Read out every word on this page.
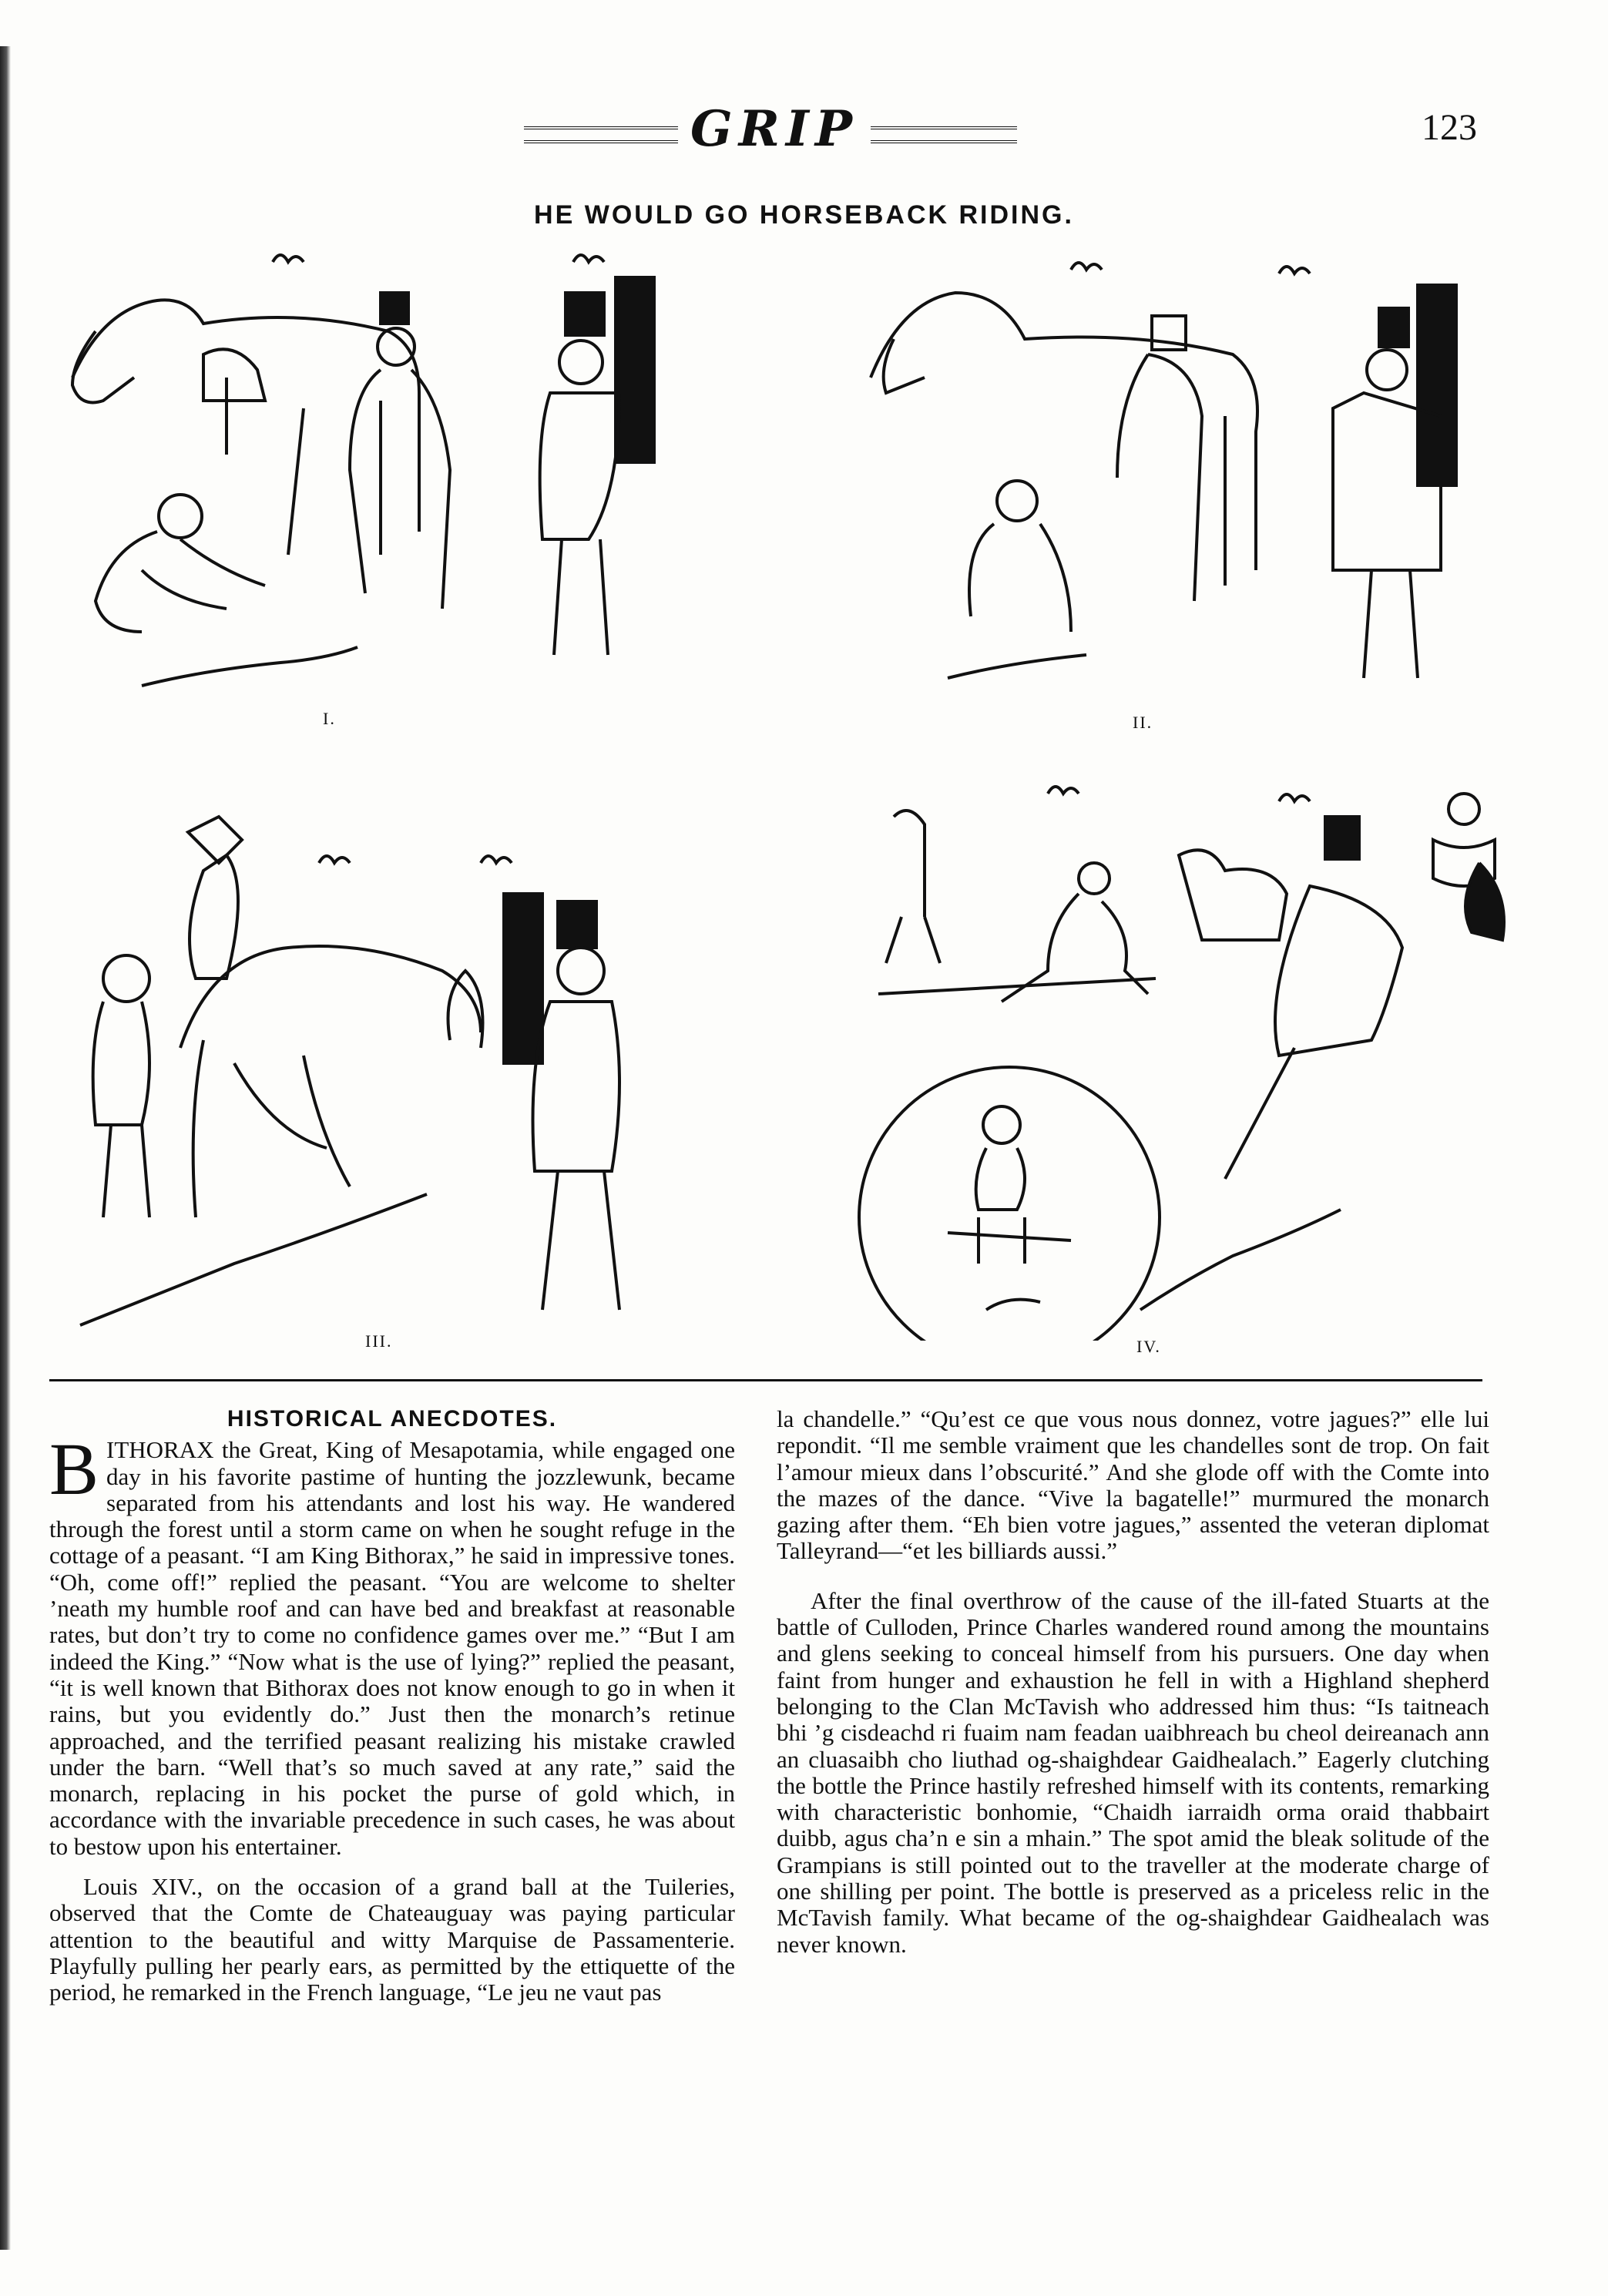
GRIP	123
HE WOULD GO HORSEBACK RIDING.
I.	II.
III.	IV.
HISTORICAL ANECDOTES.

BITHORAX the Great, King of Mesapotamia, while engaged one day in his favorite pastime of hunting the jozzlewunk, became separated from his attendants and lost his way. He wandered through the forest until a storm came on when he sought refuge in the cottage of a peasant. “I am King Bithorax,” he said in impressive tones. “Oh, come off!” replied the peasant. “You are welcome to shelter ’neath my humble roof and can have bed and breakfast at reasonable rates, but don’t try to come no confidence games over me.” “But I am indeed the King.” “Now what is the use of lying?” replied the peasant, “it is well known that Bithorax does not know enough to go in when it rains, but you evidently do.” Just then the monarch’s retinue approached, and the terrified peasant realizing his mistake crawled under the barn. “Well that’s so much saved at any rate,” said the monarch, replacing in his pocket the purse of gold which, in accordance with the invariable precedence in such cases, he was about to bestow upon his entertainer.

Louis XIV., on the occasion of a grand ball at the Tuileries, observed that the Comte de Chateauguay was paying particular attention to the beautiful and witty Marquise de Passamenterie. Playfully pulling her pearly ears, as permitted by the ettiquette of the period, he remarked in the French language, “Le jeu ne vaut pas

la chandelle.” “Qu’est ce que vous nous donnez, votre jagues?” elle lui repondit. “Il me semble vraiment que les chandelles sont de trop. On fait l’amour mieux dans l’obscurité.” And she glode off with the Comte into the mazes of the dance. “Vive la bagatelle!” murmured the monarch gazing after them. “Eh bien votre jagues,” assented the veteran diplomat Talleyrand—“et les billiards aussi.”

After the final overthrow of the cause of the ill-fated Stuarts at the battle of Culloden, Prince Charles wandered round among the mountains and glens seeking to conceal himself from his pursuers. One day when faint from hunger and exhaustion he fell in with a Highland shepherd belonging to the Clan McTavish who addressed him thus: “Is taitneach bhi ’g cisdeachd ri fuaim nam feadan uaibhreach bu cheol deireanach ann an cluasaibh cho liuthad og-shaighdear Gaidhealach.” Eagerly clutching the bottle the Prince hastily refreshed himself with its contents, remarking with characteristic bonhomie, “Chaidh iarraidh orma oraid thabbairt duibb, agus cha’n e sin a mhain.” The spot amid the bleak solitude of the Grampians is still pointed out to the traveller at the moderate charge of one shilling per point. The bottle is preserved as a priceless relic in the McTavish family. What became of the og-shaighdear Gaidhealach was never known.
